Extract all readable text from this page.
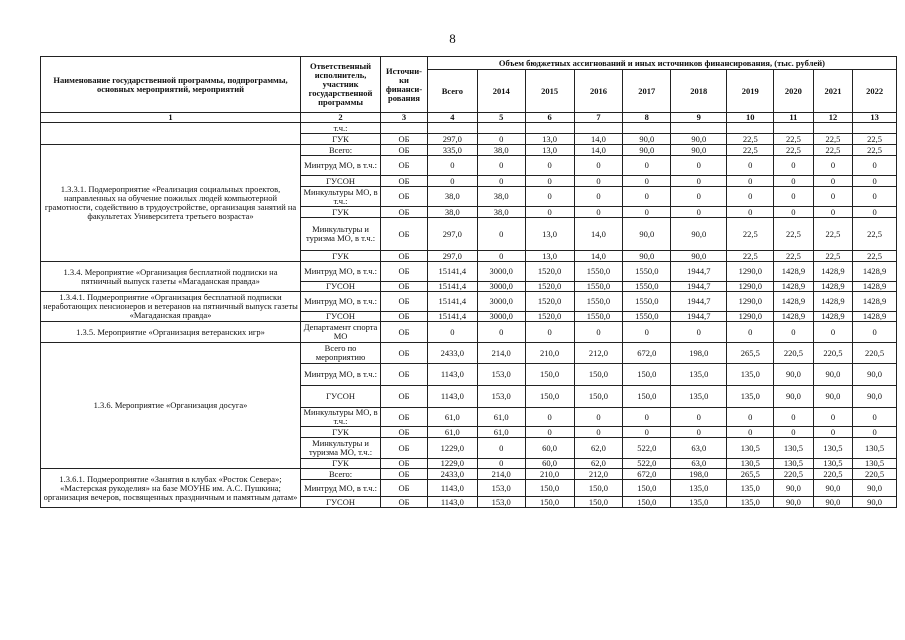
8
Наименование государственной программы, подпрограммы, основных мероприятий, мероприятий	Ответственный исполнитель, участник государственной программы	Источни-ки финанси-рования	Объем бюджетных ассигнований и иных источников финансирования, (тыс. рублей)									
			Всего	2014	2015	2016	2017	2018	2019	2020	2021	2022
1	2	3	4	5	6	7	8	9	10	11	12	13
	т.ч.:											
	ГУК	ОБ	297,0	0	13,0	14,0	90,0	90,0	22,5	22,5	22,5	22,5
1.3.3.1. Подмероприятие «Реализация социальных проектов, направленных на обучение пожилых людей компьютерной грамотности, содействию в трудоустройстве, организация занятий на факультетах Университета третьего возраста»	Всего:	ОБ	335,0	38,0	13,0	14,0	90,0	90,0	22,5	22,5	22,5	22,5
	Минтруд МО, в т.ч.:	ОБ	0	0	0	0	0	0	0	0	0	0
	ГУСОН	ОБ	0	0	0	0	0	0	0	0	0	0
	Минкультуры МО, в т.ч.:	ОБ	38,0	38,0	0	0	0	0	0	0	0	0
	ГУК	ОБ	38,0	38,0	0	0	0	0	0	0	0	0
	Минкультуры и туризма МО, в т.ч.:	ОБ	297,0	0	13,0	14,0	90,0	90,0	22,5	22,5	22,5	22,5
	ГУК	ОБ	297,0	0	13,0	14,0	90,0	90,0	22,5	22,5	22,5	22,5
1.3.4. Мероприятие «Организация бесплатной подписки на пятничный выпуск газеты «Магаданская правда»	Минтруд МО, в т.ч.:	ОБ	15141,4	3000,0	1520,0	1550,0	1550,0	1944,7	1290,0	1428,9	1428,9	1428,9
	ГУСОН	ОБ	15141,4	3000,0	1520,0	1550,0	1550,0	1944,7	1290,0	1428,9	1428,9	1428,9
1.3.4.1. Подмероприятие «Организация бесплатной подписки неработающих пенсионеров и ветеранов на пятничный выпуск газеты «Магаданская правда»	Минтруд МО, в т.ч.:	ОБ	15141,4	3000,0	1520,0	1550,0	1550,0	1944,7	1290,0	1428,9	1428,9	1428,9
	ГУСОН	ОБ	15141,4	3000,0	1520,0	1550,0	1550,0	1944,7	1290,0	1428,9	1428,9	1428,9
1.3.5. Мероприятие «Организация ветеранских игр»	Департамент спорта МО	ОБ	0	0	0	0	0	0	0	0	0	0
1.3.6. Мероприятие «Организация досуга»	Всего по мероприятию	ОБ	2433,0	214,0	210,0	212,0	672,0	198,0	265,5	220,5	220,5	220,5
	Минтруд МО, в т.ч.:	ОБ	1143,0	153,0	150,0	150,0	150,0	135,0	135,0	90,0	90,0	90,0
	ГУСОН	ОБ	1143,0	153,0	150,0	150,0	150,0	135,0	135,0	90,0	90,0	90,0
	Минкультуры МО, в т.ч.:	ОБ	61,0	61,0	0	0	0	0	0	0	0	0
	ГУК	ОБ	61,0	61,0	0	0	0	0	0	0	0	0
	Минкультуры и туризма МО, т.ч.:	ОБ	1229,0	0	60,0	62,0	522,0	63,0	130,5	130,5	130,5	130,5
	ГУК	ОБ	1229,0	0	60,0	62,0	522,0	63,0	130,5	130,5	130,5	130,5
1.3.6.1. Подмероприятие «Занятия в клубах «Росток Севера»; «Мастерская рукоделия» на базе МОУНБ им. А.С. Пушкина; организация вечеров, посвященных праздничным и памятным датам»	Всего:	ОБ	2433,0	214,0	210,0	212,0	672,0	198,0	265,5	220,5	220,5	220,5
	Минтруд МО, в т.ч.:	ОБ	1143,0	153,0	150,0	150,0	150,0	135,0	135,0	90,0	90,0	90,0
	ГУСОН	ОБ	1143,0	153,0	150,0	150,0	150,0	135,0	135,0	90,0	90,0	90,0
